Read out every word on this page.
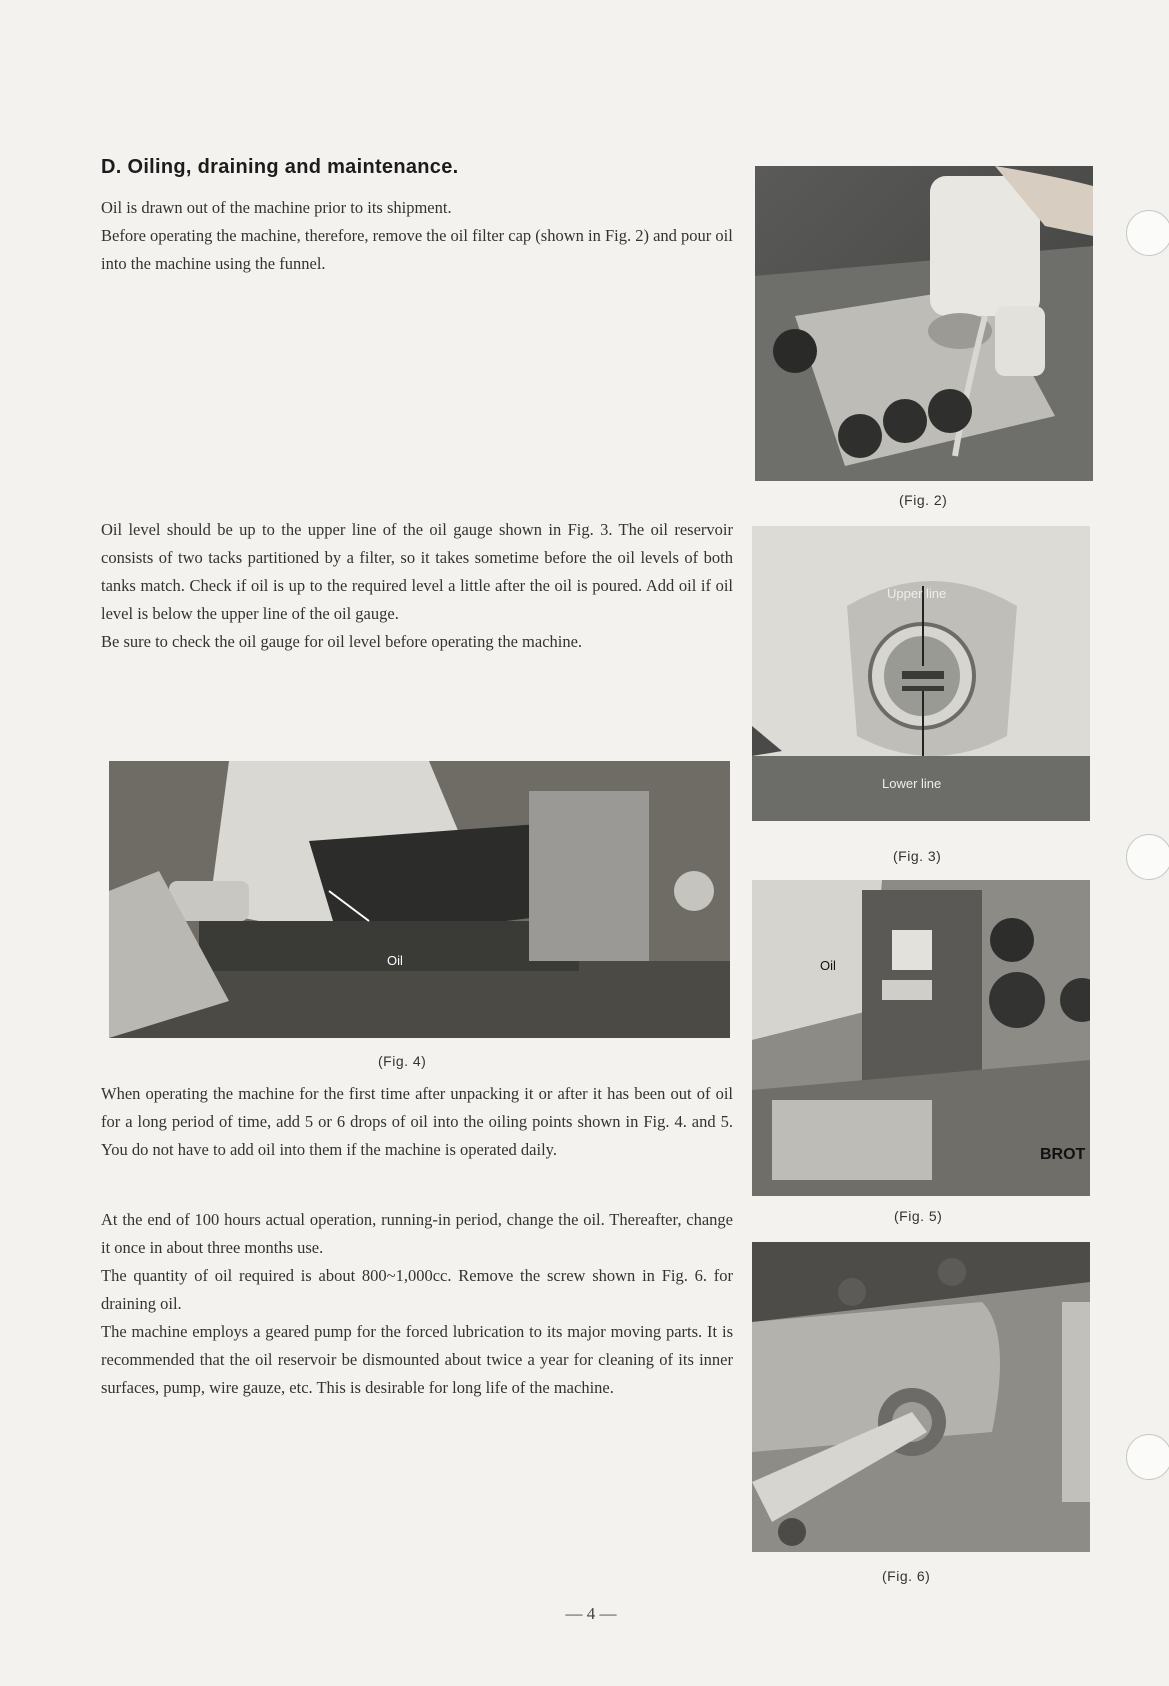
D. Oiling, draining and maintenance.

Oil is drawn out of the machine prior to its shipment.

Before operating the machine, therefore, remove the oil filter cap (shown in Fig. 2) and pour oil into the machine using the funnel.

Oil level should be up to the upper line of the oil gauge shown in Fig. 3. The oil reservoir consists of two tacks partitioned by a filter, so it takes sometime before the oil levels of both tanks match. Check if oil is up to the required level a little after the oil is poured. Add oil if oil level is below the upper line of the oil gauge.

Be sure to check the oil gauge for oil level before operating the machine.

(Fig. 2)
Upper line
Lower line
(Fig. 3)
Oil
(Fig. 4)

When operating the machine for the first time after unpacking it or after it has been out of oil for a long period of time, add 5 or 6 drops of oil into the oiling points shown in Fig. 4. and 5. You do not have to add oil into them if the machine is operated daily.

At the end of 100 hours actual operation, running-in period, change the oil. Thereafter, change it once in about three months use.

The quantity of oil required is about 800~1,000cc. Remove the screw shown in Fig. 6. for draining oil.

The machine employs a geared pump for the forced lubrication to its major moving parts. It is recommended that the oil reservoir be dismounted about twice a year for cleaning of its inner surfaces, pump, wire gauze, etc. This is desirable for long life of the machine.

Oil
BROT
(Fig. 5)
(Fig. 6)
— 4 —
